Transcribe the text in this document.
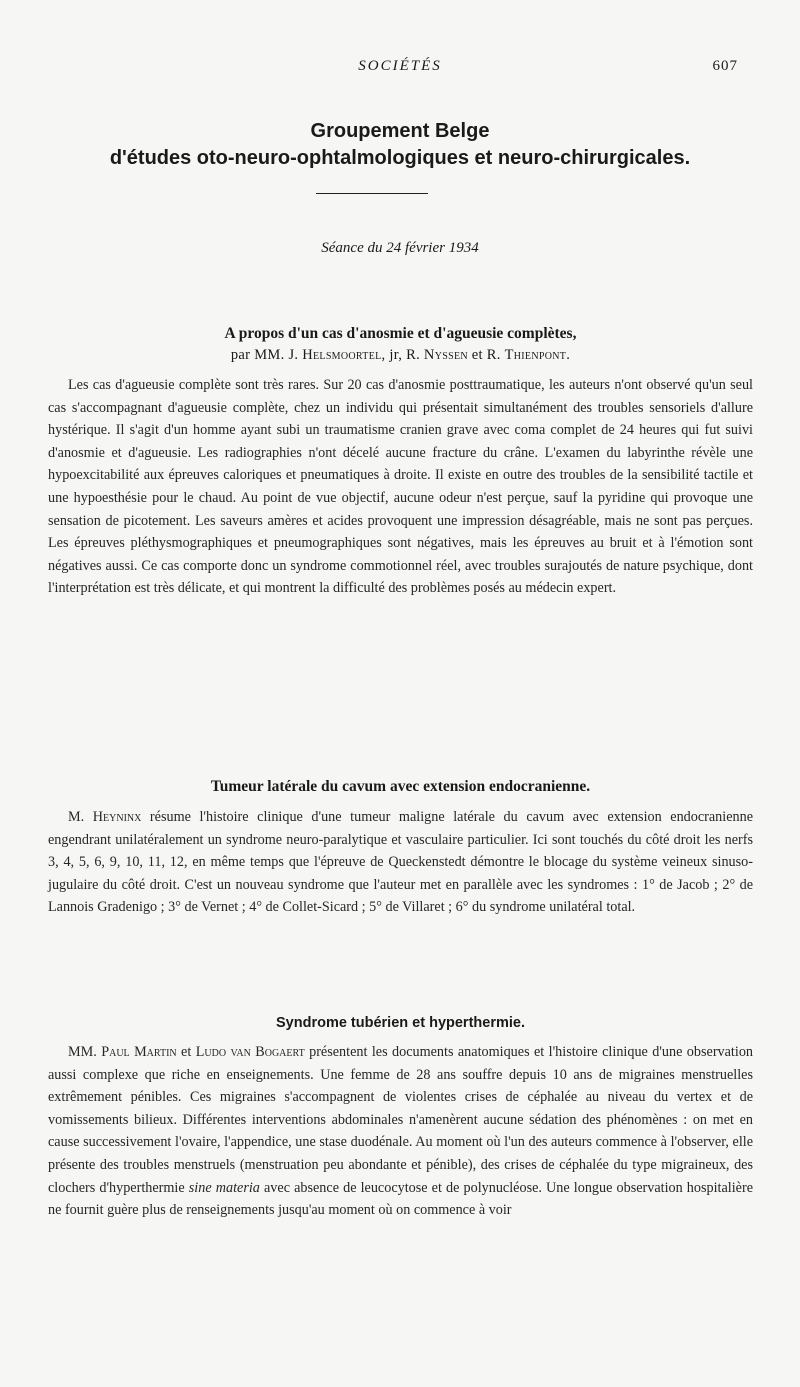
SOCIÉTÉS	607
Groupement Belge
d'études oto-neuro-ophtalmologiques et neuro-chirurgicales.
Séance du 24 février 1934

A propos d'un cas d'anosmie et d'agueusie complètes,

par MM. J. Helsmoortel, jr, R. Nyssen et R. Thienpont.

Les cas d'agueusie complète sont très rares. Sur 20 cas d'anosmie posttraumatique, les auteurs n'ont observé qu'un seul cas s'accompagnant d'agueusie complète, chez un individu qui présentait simultanément des troubles sensoriels d'allure hystérique. Il s'agit d'un homme ayant subi un traumatisme cranien grave avec coma complet de 24 heures qui fut suivi d'anosmie et d'agueusie. Les radiographies n'ont décelé aucune fracture du crâne. L'examen du labyrinthe révèle une hypoexcitabilité aux épreuves caloriques et pneumatiques à droite. Il existe en outre des troubles de la sensibilité tactile et une hypoesthésie pour le chaud. Au point de vue objectif, aucune odeur n'est perçue, sauf la pyridine qui provoque une sensation de picotement. Les saveurs amères et acides provoquent une impression désagréable, mais ne sont pas perçues. Les épreuves pléthysmographiques et pneumographiques sont négatives, mais les épreuves au bruit et à l'émotion sont négatives aussi. Ce cas comporte donc un syndrome commotionnel réel, avec troubles surajoutés de nature psychique, dont l'interprétation est très délicate, et qui montrent la difficulté des problèmes posés au médecin expert.

Tumeur latérale du cavum avec extension endocranienne.

M. Heyninx résume l'histoire clinique d'une tumeur maligne latérale du cavum avec extension endocranienne engendrant unilatéralement un syndrome neuro-paralytique et vasculaire particulier. Ici sont touchés du côté droit les nerfs 3, 4, 5, 6, 9, 10, 11, 12, en même temps que l'épreuve de Queckenstedt démontre le blocage du système veineux sinuso-jugulaire du côté droit. C'est un nouveau syndrome que l'auteur met en parallèle avec les syndromes : 1° de Jacob ; 2° de Lannois Gradenigo ; 3° de Vernet ; 4° de Collet-Sicard ; 5° de Villaret ; 6° du syndrome unilatéral total.

Syndrome tubérien et hyperthermie.

MM. Paul Martin et Ludo van Bogaert présentent les documents anatomiques et l'histoire clinique d'une observation aussi complexe que riche en enseignements. Une femme de 28 ans souffre depuis 10 ans de migraines menstruelles extrêmement pénibles. Ces migraines s'accompagnent de violentes crises de céphalée au niveau du vertex et de vomissements bilieux. Différentes interventions abdominales n'amenèrent aucune sédation des phénomènes : on met en cause successivement l'ovaire, l'appendice, une stase duodénale. Au moment où l'un des auteurs commence à l'observer, elle présente des troubles menstruels (menstruation peu abondante et pénible), des crises de céphalée du type migraineux, des clochers d'hyperthermie sine materia avec absence de leucocytose et de polynucléose. Une longue observation hospitalière ne fournit guère plus de renseignements jusqu'au moment où on commence à voir
